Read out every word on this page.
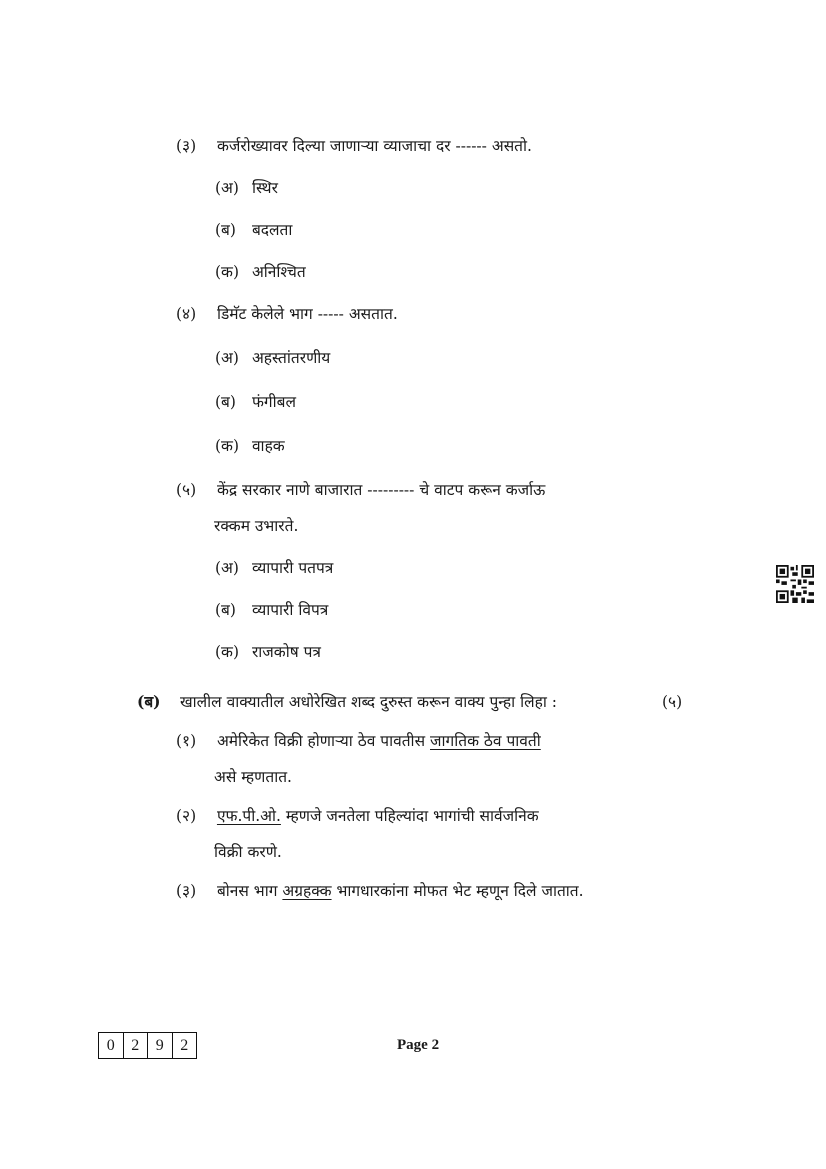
(३) कर्जरोख्यावर दिल्या जाणाऱ्या व्याजाचा दर ------ असतो.
(अ) स्थिर
(ब) बदलता
(क) अनिश्चित
(४) डिमॅट केलेले भाग ----- असतात.
(अ) अहस्तांतरणीय
(ब) फंगीबल
(क) वाहक
(५) केंद्र सरकार नाणे बाजारात --------- चे वाटप करून कर्जाऊ
रक्कम उभारते.
(अ) व्यापारी पतपत्र
(ब) व्यापारी विपत्र
(क) राजकोष पत्र
(ब) खालील वाक्यातील अधोरेखित शब्द दुरुस्त करून वाक्य पुन्हा लिहा :	(५)
(१) अमेरिकेत विक्री होणाऱ्या ठेव पावतीस जागतिक ठेव पावती
असे म्हणतात.
(२) एफ.पी.ओ. म्हणजे जनतेला पहिल्यांदा भागांची सार्वजनिक
विक्री करणे.
(३) बोनस भाग अग्रहक्क भागधारकांना मोफत भेट म्हणून दिले जातात.
0	2	9	2	Page 2
